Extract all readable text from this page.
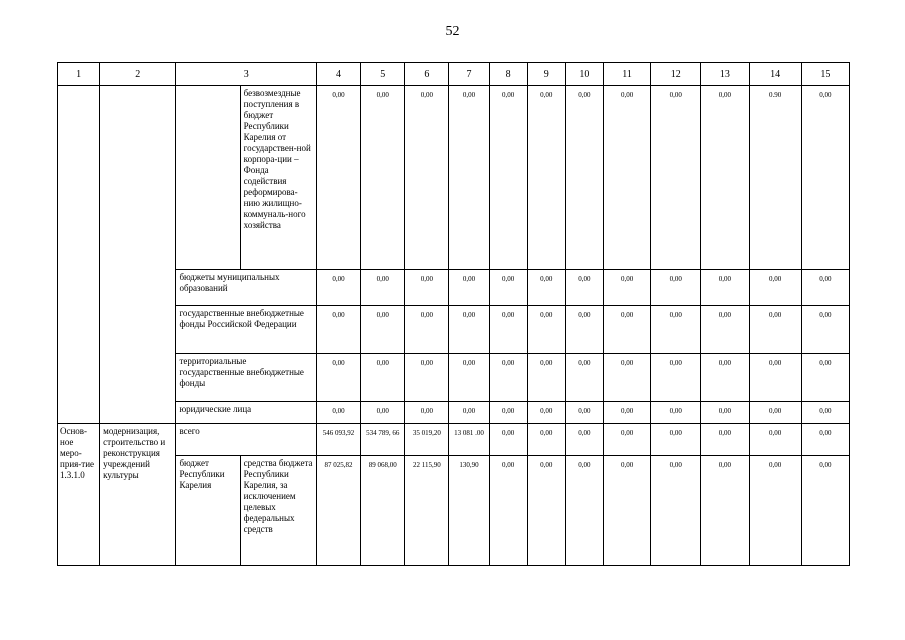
52
1	2	3		4	5	6	7	8	9	10	11	12	13	14	15
			безвозмездные поступления в бюджет Республики Карелия от государствен-ной корпора-ции – Фонда содействия реформирова-нию жилищно-коммуналь-ного хозяйства	0,00	0,00	0,00	0,00	0,00	0,00	0,00	0,00	0,00	0,00	0.90	0,00
		бюджеты муниципальных образований		0,00	0,00	0,00	0,00	0,00	0,00	0,00	0,00	0,00	0,00	0,00	0,00
		государственные внебюджетные фонды Российской Федерации		0,00	0,00	0,00	0,00	0,00	0,00	0,00	0,00	0,00	0,00	0,00	0,00
		территориальные государственные внебюджетные фонды		0,00	0,00	0,00	0,00	0,00	0,00	0,00	0,00	0,00	0,00	0,00	0,00
		юридические лица		0,00	0,00	0,00	0,00	0,00	0,00	0,00	0,00	0,00	0,00	0,00	0,00
Основ-ное меро-прия-тие 1.3.1.0	модернизация, строительство и реконструкция учреждений культуры	всего		546 093,92	534 789, 66	35 019,20	13 081 .00	0,00	0,00	0,00	0,00	0,00	0,00	0,00	0,00
		бюджет Республики Карелия	средства бюджета Республики Карелия, за исключением целевых федеральных средств	87 025,82	89 068,00	22 115,90	130,90	0,00	0,00	0,00	0,00	0,00	0,00	0,00	0,00
